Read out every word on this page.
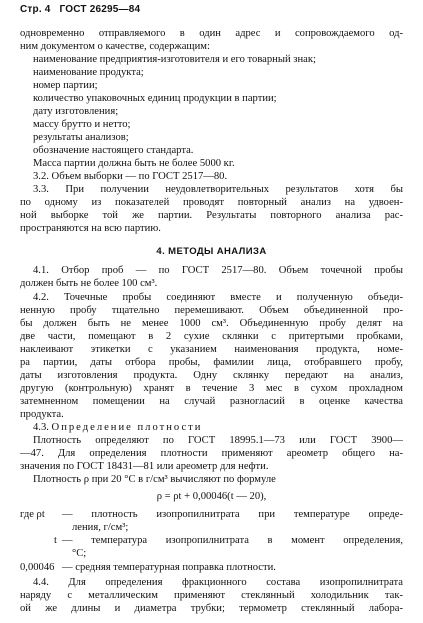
Стр. 4 ГОСТ 26295—84
одновременно отправляемого в один адрес и сопровождаемого од-
ним документом о качестве, содержащим:
наименование предприятия-изготовителя и его товарный знак;
наименование продукта;
номер партии;
количество упаковочных единиц продукции в партии;
дату изготовления;
массу брутто и нетто;
результаты анализов;
обозначение настоящего стандарта.
Масса партии должна быть не более 5000 кг.
3.2. Объем выборки — по ГОСТ 2517—80.
3.3. При получении неудовлетворительных результатов хотя бы
по одному из показателей проводят повторный анализ на удвоен-
ной выборке той же партии. Результаты повторного анализа рас-
пространяются на всю партию.
4. МЕТОДЫ АНАЛИЗА
4.1. Отбор проб — по ГОСТ 2517—80. Объем точечной пробы
должен быть не более 100 см³.
4.2. Точечные пробы соединяют вместе и полученную объеди-
ненную пробу тщательно перемешивают. Объем объединенной про-
бы должен быть не менее 1000 см³. Объединенную пробу делят на
две части, помещают в 2 сухие склянки с притертыми пробками,
наклеивают этикетки с указанием наименования продукта, номе-
ра партии, даты отбора пробы, фамилии лица, отобравшего пробу,
даты изготовления продукта. Одну склянку передают на анализ,
другую (контрольную) хранят в течение 3 мес в сухом прохладном
затемненном помещении на случай разногласий в оценке качества
продукта.
4.3. Определение плотности
Плотность определяют по ГОСТ 18995.1—73 или ГОСТ 3900—
—47. Для определения плотности применяют ареометр общего на-
значения по ГОСТ 18431—81 или ареометр для нефти.
Плотность ρ при 20 °С в г/см³ вычисляют по формуле
ρ = ρt + 0,00046(t — 20),
где ρt — плотность изопропилнитрата при температуре опреде-
ления, г/см³;
t — температура изопропилнитрата в момент определения,
°С;
0,00046 — средняя температурная поправка плотности.
4.4. Для определения фракционного состава изопропилнитрата
наряду с металлическим применяют стеклянный холодильник так-
ой же длины и диаметра трубки; термометр стеклянный лабора-
